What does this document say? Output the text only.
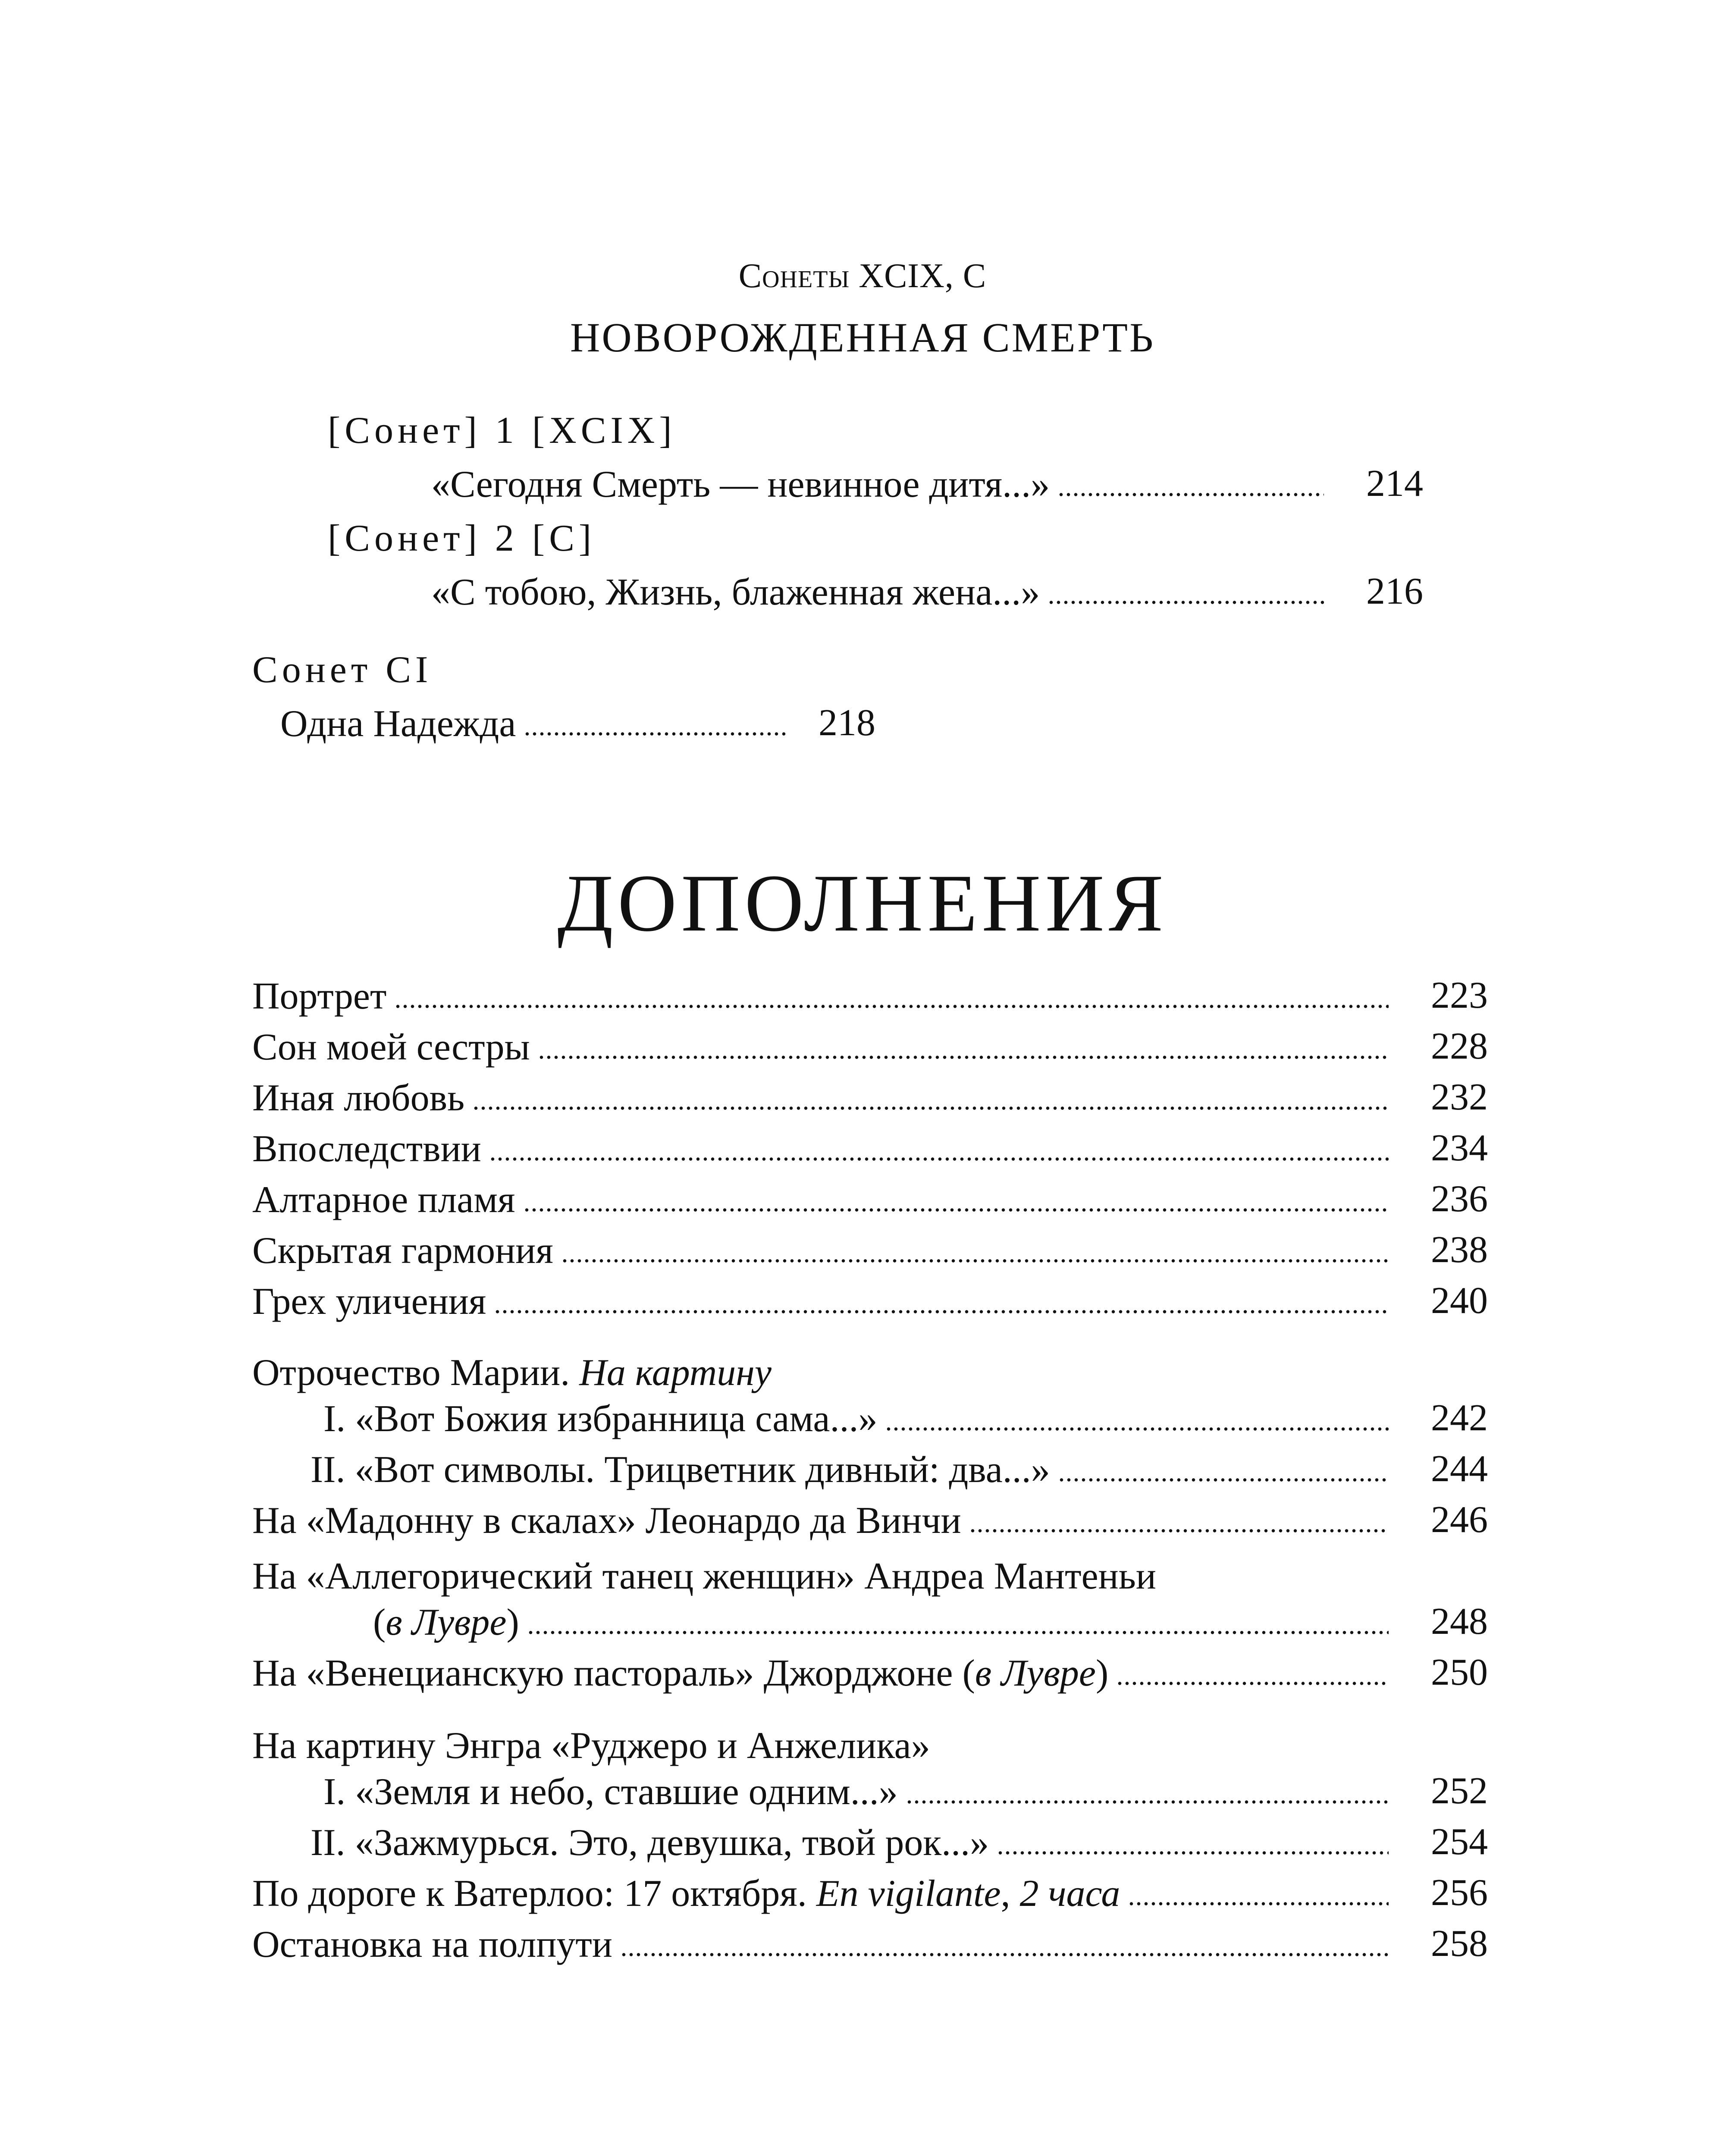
Сонеты XCIX, C
НОВОРОЖДЕННАЯ СМЕРТЬ
[Сонет] 1 [XCIX]
«Сегодня Смерть — невинное дитя...»	214
[Сонет] 2 [С]
«С тобою, Жизнь, блаженная жена...»	216
Сонет CI
Одна Надежда	218
ДОПОЛНЕНИЯ
Портрет	223
Сон моей сестры	228
Иная любовь	232
Впоследствии	234
Алтарное пламя	236
Скрытая гармония	238
Грех уличения	240
Отрочество Марии. На картину
I. «Вот Божия избранница сама...»	242
II. «Вот символы. Трицветник дивный: два...»	244
На «Мадонну в скалах» Леонардо да Винчи	246
На «Аллегорический танец женщин» Андреа Мантеньи
(в Лувре)	248
На «Венецианскую пастораль» Джорджоне (в Лувре)	250
На картину Энгра «Руджеро и Анжелика»
I. «Земля и небо, ставшие одним...»	252
II. «Зажмурься. Это, девушка, твой рок...»	254
По дороге к Ватерлоо: 17 октября. En vigilante, 2 часа	256
Остановка на полпути	258
